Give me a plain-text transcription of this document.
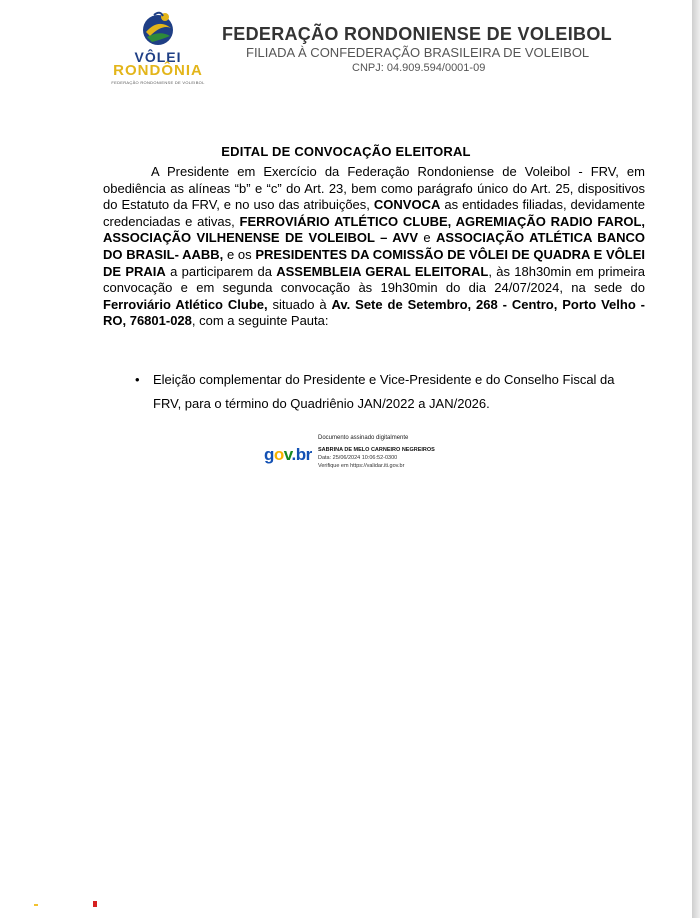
VÔLEI
RONDÔNIA
FEDERAÇÃO RONDONIENSE DE VOLEIBOL
FEDERAÇÃO RONDONIENSE DE VOLEIBOL
FILIADA À CONFEDERAÇÃO BRASILEIRA DE VOLEIBOL
CNPJ: 04.909.594/0001-09
EDITAL DE CONVOCAÇÃO ELEITORAL

A Presidente em Exercício da Federação Rondoniense de Voleibol - FRV, em obediência as alíneas “b” e “c” do Art. 23, bem como parágrafo único do Art. 25, dispositivos do Estatuto da FRV, e no uso das atribuições, CONVOCA as entidades filiadas, devidamente credenciadas e ativas, FERROVIÁRIO ATLÉTICO CLUBE, AGREMIAÇÃO RADIO FAROL, ASSOCIAÇÃO VILHENENSE DE VOLEIBOL – AVV e ASSOCIAÇÃO ATLÉTICA BANCO DO BRASIL- AABB, e os PRESIDENTES DA COMISSÃO DE VÔLEI DE QUADRA E VÔLEI DE PRAIA a participarem da ASSEMBLEIA GERAL ELEITORAL, às 18h30min em primeira convocação e em segunda convocação às 19h30min do dia 24/07/2024, na sede do Ferroviário Atlético Clube, situado à Av. Sete de Setembro, 268 - Centro, Porto Velho - RO, 76801-028, com a seguinte Pauta:

• Eleição complementar do Presidente e Vice-Presidente e do Conselho Fiscal da FRV, para o término do Quadriênio JAN/2022 a JAN/2026.
gov.br
Documento assinado digitalmente
SABRINA DE MELO CARNEIRO NEGREIROS
Data: 25/06/2024 10:06:52-0300
Verifique em https://validar.iti.gov.br
